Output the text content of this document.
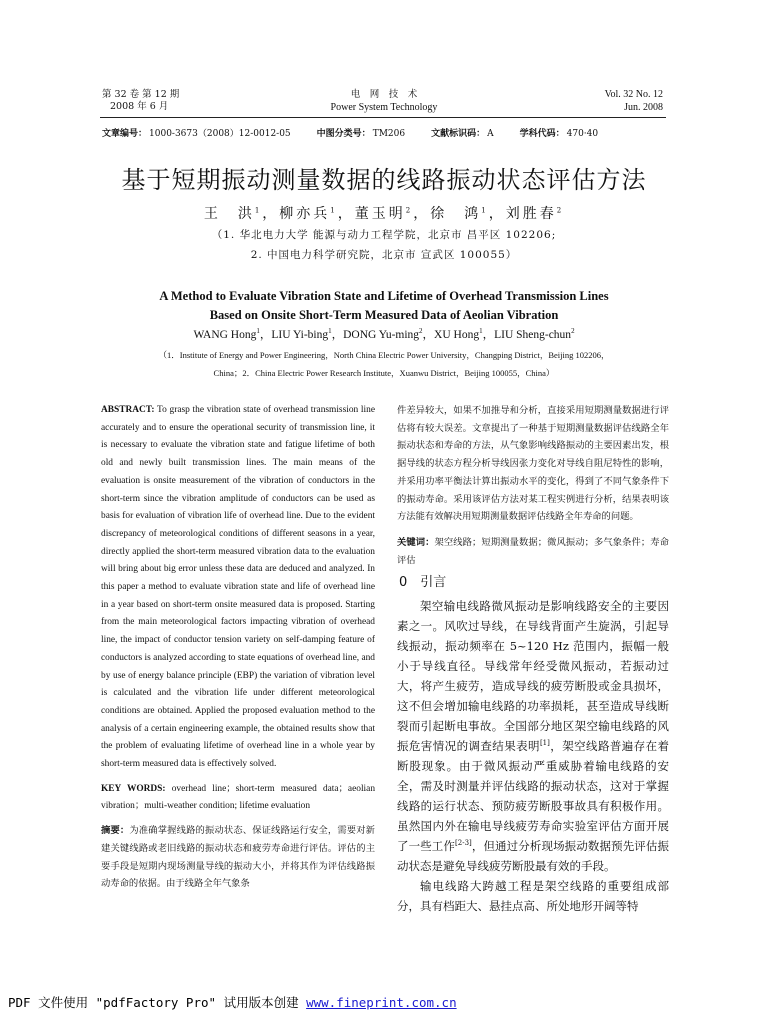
第 32 卷 第 12 期
2008 年 6 月
电　网　技　术
Power System Technology
Vol. 32 No. 12
Jun. 2008
文章编号： 1000-3673（2008）12-0012-05	中图分类号： TM206	文献标识码： A	学科代码： 470·40
基于短期振动测量数据的线路振动状态评估方法
王　洪$^1$，柳亦兵$^1$，董玉明$^2$，徐　鸿$^1$，刘胜春$^2$
（1. 华北电力大学 能源与动力工程学院，北京市 昌平区 102206;
2. 中国电力科学研究院，北京市 宣武区 100055）
A Method to Evaluate Vibration State and Lifetime of Overhead Transmission Lines
Based on Onsite Short-Term Measured Data of Aeolian Vibration
WANG Hong$^1$，LIU Yi-bing$^1$，DONG Yu-ming$^2$，XU Hong$^1$，LIU Sheng-chun$^2$
（1．Institute of Energy and Power Engineering，North China Electric Power University，Changping District，Beijing 102206，
China；2．China Electric Power Research Institute，Xuanwu District，Beijing 100055，China）
ABSTRACT: To grasp the vibration state of overhead transmission line accurately and to ensure the operational security of transmission line, it is necessary to evaluate the vibration state and fatigue lifetime of both old and newly built transmission lines. The main means of the evaluation is onsite measurement of the vibration of conductors in the short-term since the vibration amplitude of conductors can be used as basis for evaluation of vibration life of overhead line. Due to the evident discrepancy of meteorological conditions of different seasons in a year, directly applied the short-term measured vibration data to the evaluation will bring about big error unless these data are deduced and analyzed. In this paper a method to evaluate vibration state and life of overhead line in a year based on short-term onsite measured data is proposed. Starting from the main meteorological factors impacting vibration of overhead line, the impact of conductor tension variety on self-damping feature of conductors is analyzed according to state equations of overhead line, and by use of energy balance principle (EBP) the variation of vibration level is calculated and the vibration life under different meteorological conditions are obtained. Applied the proposed evaluation method to the analysis of a certain engineering example, the obtained results show that the problem of evaluating lifetime of overhead line in a whole year by short-term measured data is effectively solved.
KEY WORDS: overhead line；short-term measured data；aeolian vibration；multi-weather condition; lifetime evaluation
摘要：为准确掌握线路的振动状态、保证线路运行安全，需要对新建关键线路或老旧线路的振动状态和疲劳寿命进行评估。评估的主要手段是短期内现场测量导线的振动大小，并将其作为评估线路振动寿命的依据。由于线路全年气象条
件差异较大，如果不加推导和分析，直接采用短期测量数据进行评估将有较大误差。文章提出了一种基于短期测量数据评估线路全年振动状态和寿命的方法，从气象影响线路振动的主要因素出发，根据导线的状态方程分析导线因张力变化对导线自阻尼特性的影响，并采用功率平衡法计算出振动水平的变化，得到了不同气象条件下的振动寿命。采用该评估方法对某工程实例进行分析，结果表明该方法能有效解决用短期测量数据评估线路全年寿命的问题。
关键词：架空线路；短期测量数据；微风振动；多气象条件；寿命评估
0　 引言

架空输电线路微风振动是影响线路安全的主要因素之一。风吹过导线，在导线背面产生旋涡，引起导线振动，振动频率在 5~120 Hz 范围内，振幅一般小于导线直径。导线常年经受微风振动，若振动过大，将产生疲劳，造成导线的疲劳断股或金具损坏，这不但会增加输电线路的功率损耗，甚至造成导线断裂而引起断电事故。全国部分地区架空输电线路的风振危害情况的调查结果表明[1]，架空线路普遍存在着断股现象。由于微风振动严重威胁着输电线路的安全，需及时测量并评估线路的振动状态，这对于掌握线路的运行状态、预防疲劳断股事故具有积极作用。虽然国内外在输电导线疲劳寿命实验室评估方面开展了一些工作[2-3]，但通过分析现场振动数据预先评估振动状态是避免导线疲劳断股最有效的手段。

输电线路大跨越工程是架空线路的重要组成部分，具有档距大、悬挂点高、所处地形开阔等特

PDF 文件使用 "pdfFactory Pro" 试用版本创建 www.fineprint.com.cn
